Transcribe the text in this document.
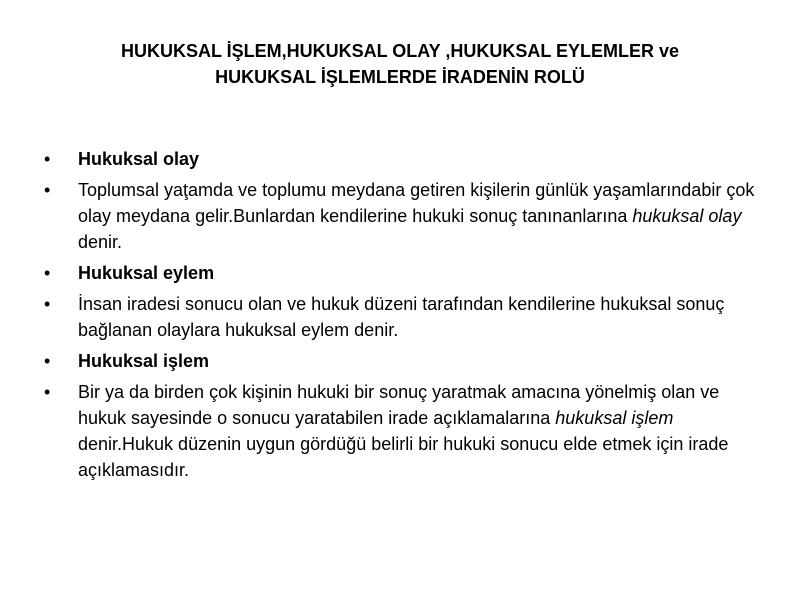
HUKUKSAL İŞLEM,HUKUKSAL OLAY ,HUKUKSAL EYLEMLER ve
HUKUKSAL İŞLEMLERDE İRADENİN ROLÜ
• Hukuksal olay
• Toplumsal yaţamda ve toplumu meydana getiren kişilerin günlük yaşamlarındabir çok olay meydana gelir.Bunlardan kendilerine hukuki sonuç tanınanlarına hukuksal olay denir.
• Hukuksal eylem
• İnsan iradesi sonucu olan ve hukuk düzeni tarafından kendilerine hukuksal sonuç bağlanan olaylara hukuksal eylem denir.
• Hukuksal işlem
• Bir ya da birden çok kişinin hukuki bir sonuç yaratmak amacına yönelmiş olan ve hukuk sayesinde o sonucu yaratabilen irade açıklamalarına hukuksal işlem denir.Hukuk düzenin uygun gördüğü belirli bir hukuki sonucu elde etmek için irade açıklamasıdır.
